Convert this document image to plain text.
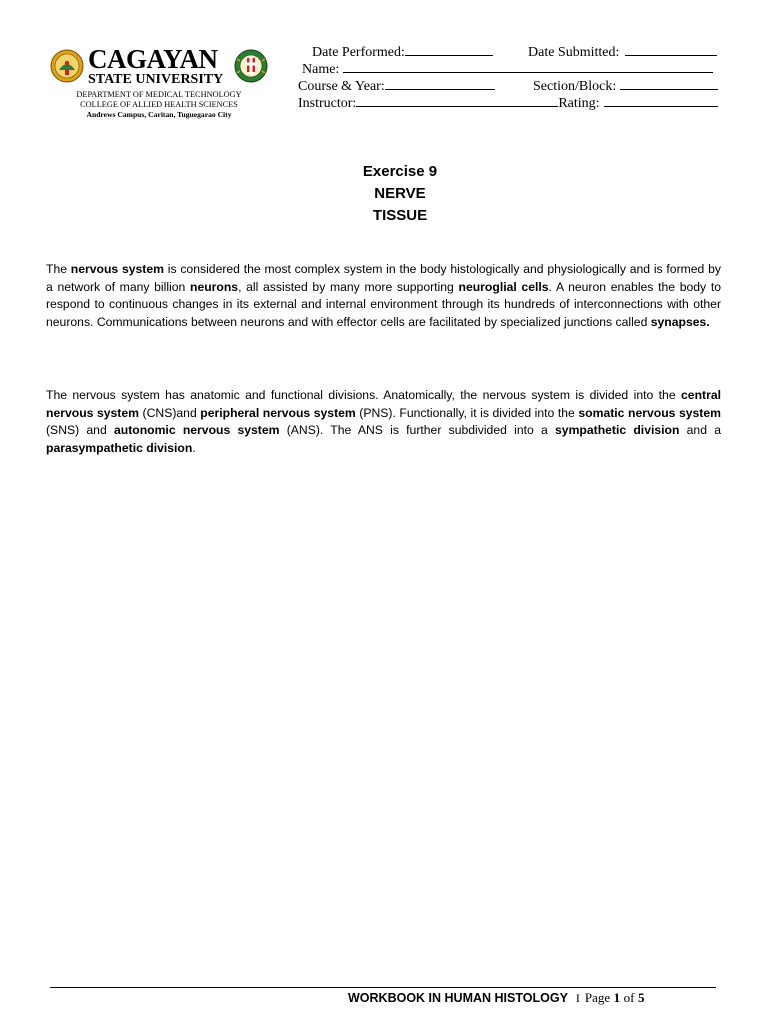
CAGAYAN
STATE UNIVERSITY
DEPARTMENT OF MEDICAL TECHNOLOGY
COLLEGE OF ALLIED HEALTH SCIENCES
Andrews Campus, Caritan, Tuguegarao City
Date Performed:	Date Submitted:
Name:
Course & Year:	Section/Block:
Instructor:	Rating:
Exercise 9
NERVE
TISSUE
The nervous system is considered the most complex system in the body histologically and physiologically and is formed by a network of many billion neurons, all assisted by many more supporting neuroglial cells. A neuron enables the body to respond to continuous changes in its external and internal environment through its hundreds of interconnections with other neurons. Communications between neurons and with effector cells are facilitated by specialized junctions called synapses.
The nervous system has anatomic and functional divisions. Anatomically, the nervous system is divided into the central nervous system (CNS)and peripheral nervous system (PNS). Functionally, it is divided into the somatic nervous system (SNS) and autonomic nervous system (ANS). The ANS is further subdivided into a sympathetic division and a parasympathetic division.
WORKBOOK IN HUMAN HISTOLOGY I Page 1 of 5
